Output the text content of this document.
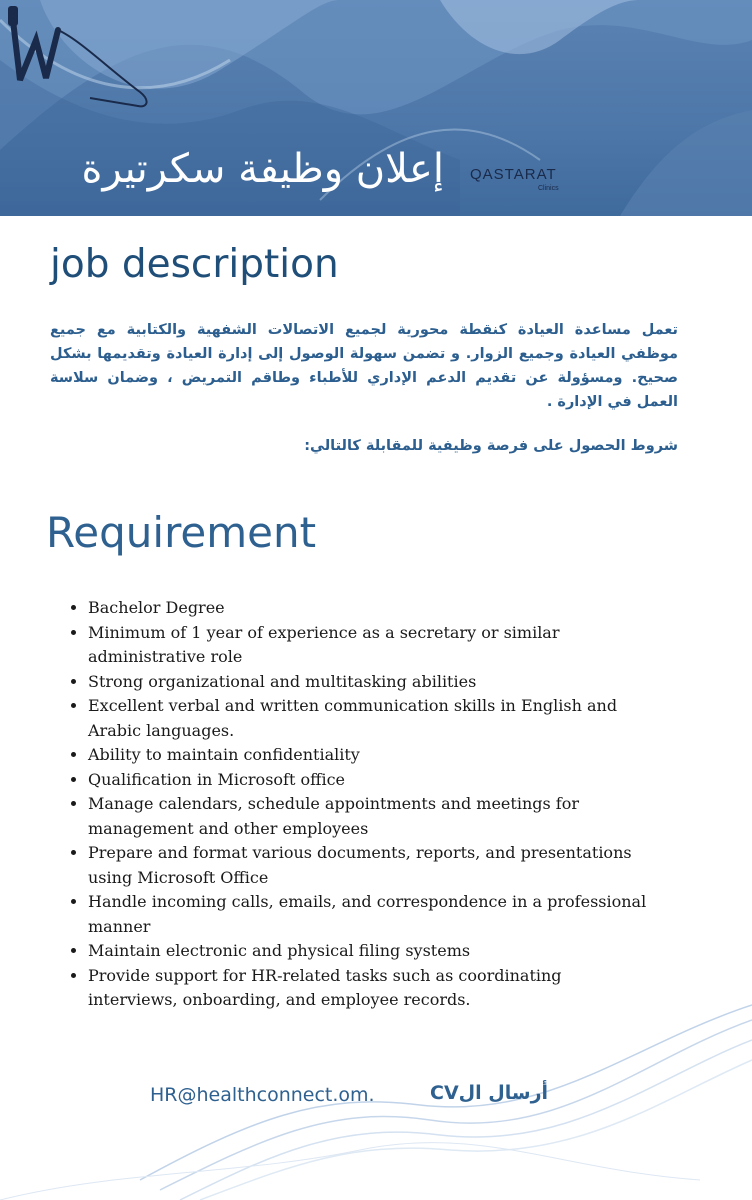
إعلان وظيفة سكرتيرة QASTARAT
Clinics
job description
تعمل مساعدة العيادة كنقطة محورية لجميع الاتصالات الشفهية والكتابية مع جميع موظفي العيادة وجميع الزوار. و تضمن سهولة الوصول إلى إدارة العيادة وتقديمها بشكل صحيح. ومسؤولة عن تقديم الدعم الإداري للأطباء وطاقم التمريض ، وضمان سلاسة العمل في الإدارة .
شروط الحصول على فرصة وظيفية للمقابلة كالتالي:
Requirement
• Bachelor Degree
• Minimum of 1 year of experience as a secretary or similar administrative role
• Strong organizational and multitasking abilities
• Excellent verbal and written communication skills in English and Arabic languages.
• Ability to maintain confidentiality
• Qualification in Microsoft office
• Manage calendars, schedule appointments and meetings for management and other employees
• Prepare and format various documents, reports, and presentations using Microsoft Office
• Handle incoming calls, emails, and correspondence in a professional manner
• Maintain electronic and physical filing systems
• Provide support for HR-related tasks such as coordinating interviews, onboarding, and employee records.
HR@healthconnect.om.	أرسال الCV
